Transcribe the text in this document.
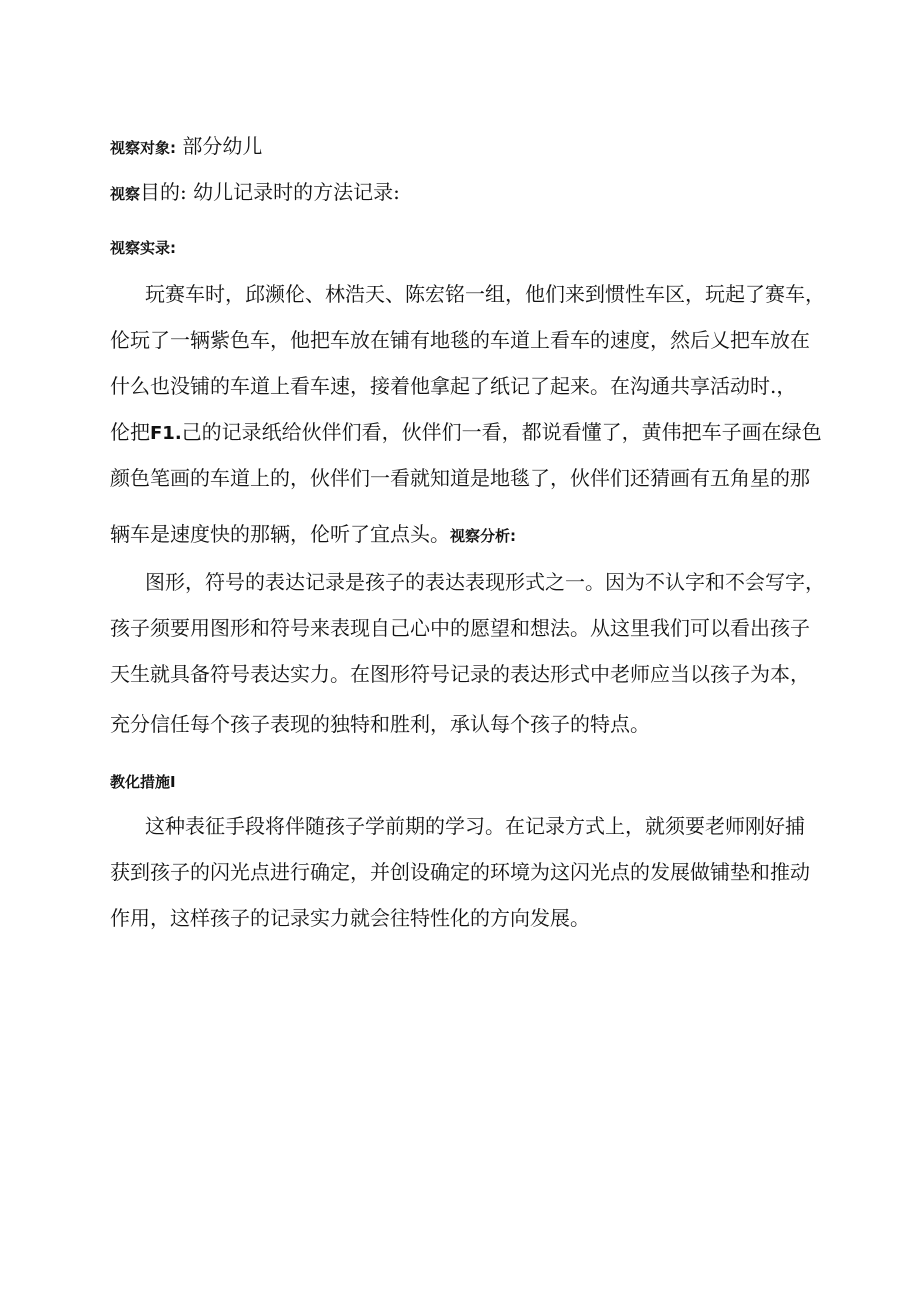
视察对象: 部分幼儿
视察目的: 幼儿记录时的方法记录:
视察实录:
玩赛车时，邱濒伦、林浩天、陈宏铭一组，他们来到惯性车区，玩起了赛车，
伦玩了一辆紫色车，他把车放在铺有地毯的车道上看车的速度，然后乂把车放在
什么也没铺的车道上看车速，接着他拿起了纸记了起来。在沟通共享活动时.，
伦把F1.己的记录纸给伙伴们看，伙伴们一看，都说看懂了，黄伟把车子画在绿色
颜色笔画的车道上的，伙伴们一看就知道是地毯了，伙伴们还猜画有五角星的那
辆车是速度快的那辆，伦听了宜点头。视察分析:
图形，符号的表达记录是孩子的表达表现形式之一。因为不认字和不会写字，
孩子须要用图形和符号来表现自己心中的愿望和想法。从这里我们可以看出孩子
天生就具备符号表达实力。在图形符号记录的表达形式中老师应当以孩子为本，
充分信任每个孩子表现的独特和胜利，承认每个孩子的特点。
教化措施I
这种表征手段将伴随孩子学前期的学习。在记录方式上，就须要老师刚好捕
获到孩子的闪光点进行确定，并创设确定的环境为这闪光点的发展做铺垫和推动
作用，这样孩子的记录实力就会往特性化的方向发展。
